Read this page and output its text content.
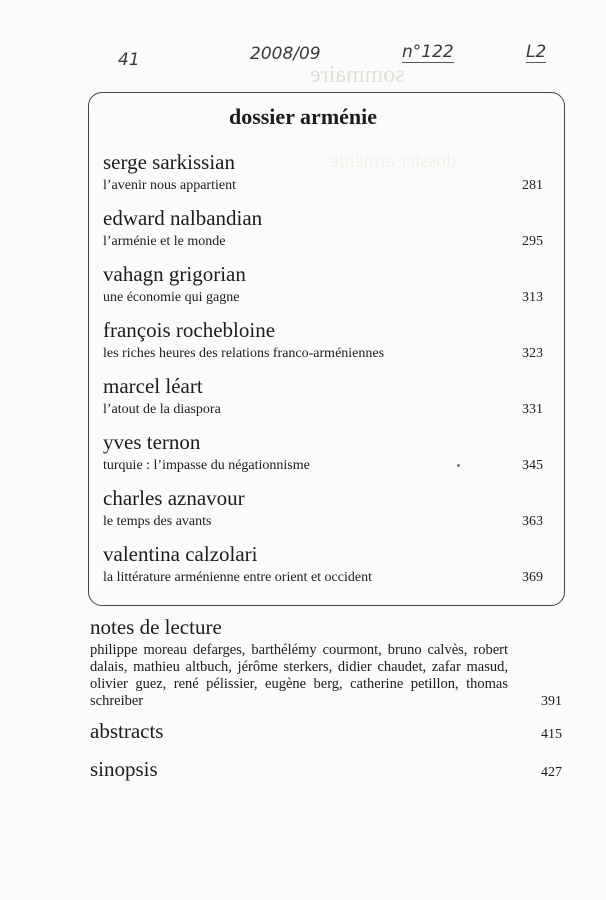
sommaire
41	2008/09	n°122	L2
dossier arménie
serge sarkissian
l’avenir nous appartient	281
edward nalbandian
l’arménie et le monde	295
vahagn grigorian
une économie qui gagne	313
françois rochebloine
les riches heures des relations franco-arméniennes	323
marcel léart
l’atout de la diaspora	331
yves ternon
turquie : l’impasse du négationnisme	345
charles aznavour
le temps des avants	363
valentina calzolari
la littérature arménienne entre orient et occident	369
notes de lecture
philippe moreau defarges, barthélémy courmont, bruno calvès, robert dalais, mathieu altbuch, jérôme sterkers, didier chaudet, zafar masud, olivier guez, rené pélissier, eugène berg, catherine petillon, thomas schreiber	391
abstracts	415
sinopsis	427
